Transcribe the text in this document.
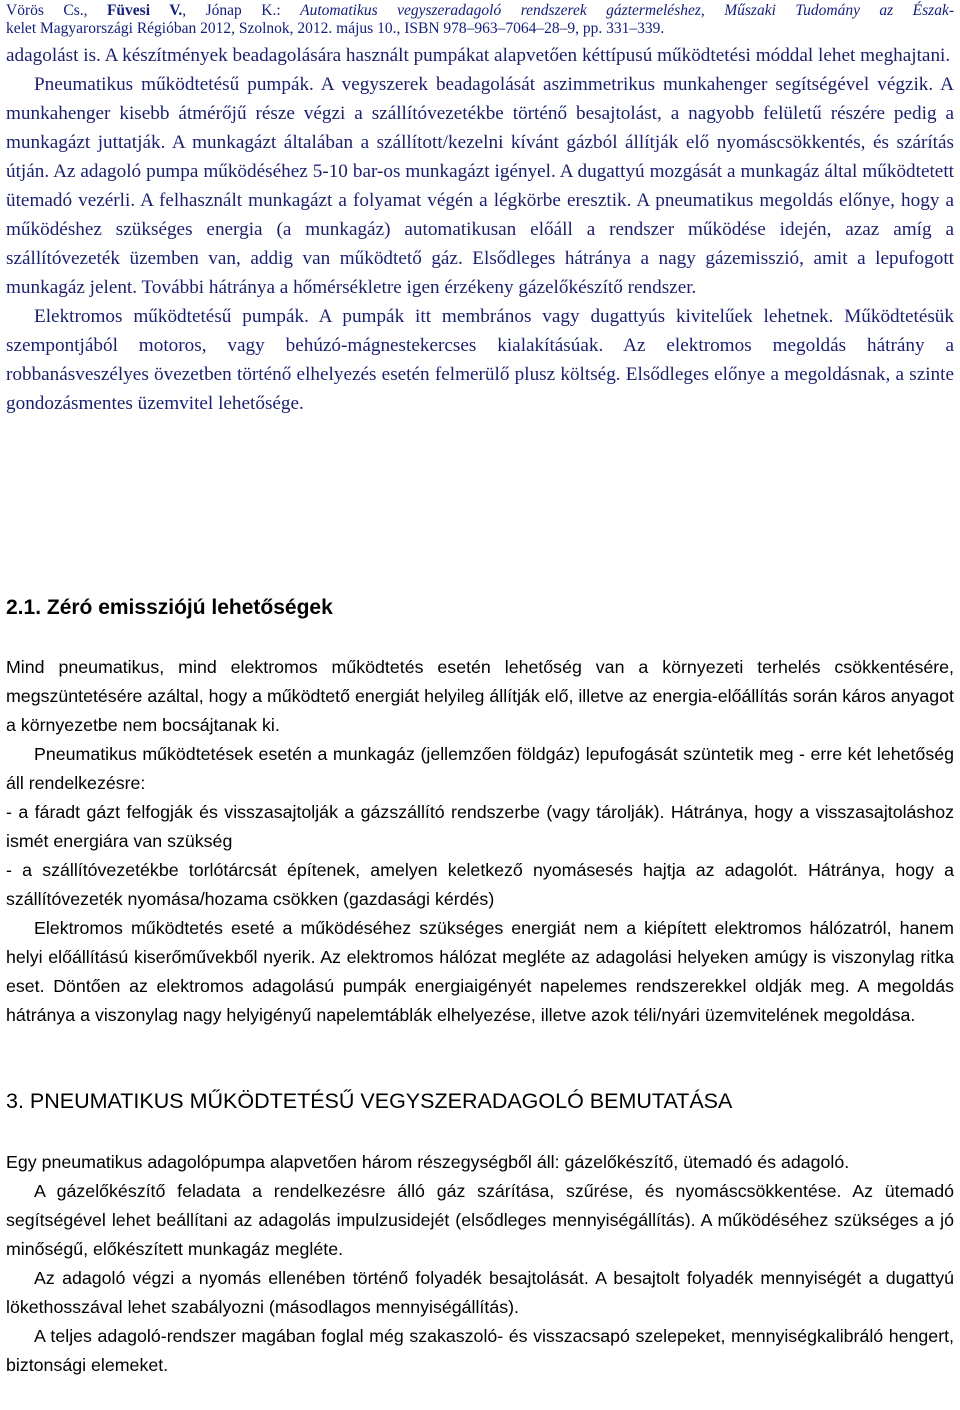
Vörös Cs., Füvesi V., Jónap K.: Automatikus vegyszeradagoló rendszerek gáztermeléshez, Műszaki Tudomány az Észak-
kelet Magyarországi Régióban 2012, Szolnok, 2012. május 10., ISBN 978–963–7064–28–9, pp. 331–339.

adagolást is. A készítmények beadagolására használt pumpákat alapvetően kéttípusú működtetési móddal lehet meghajtani.

Pneumatikus működtetésű pumpák. A vegyszerek beadagolását aszimmetrikus munkahenger segítségével végzik. A munkahenger kisebb átmérőjű része végzi a szállítóvezetékbe történő besajtolást, a nagyobb felületű részére pedig a munkagázt juttatják. A munkagázt általában a szállított/kezelni kívánt gázból állítják elő nyomáscsökkentés, és szárítás útján. Az adagoló pumpa működéséhez 5-10 bar-os munkagázt igényel. A dugattyú mozgását a munkagáz által működtetett ütemadó vezérli. A felhasznált munkagázt a folyamat végén a légkörbe eresztik. A pneumatikus megoldás előnye, hogy a működéshez szükséges energia (a munkagáz) automatikusan előáll a rendszer működése idején, azaz amíg a szállítóvezeték üzemben van, addig van működtető gáz. Elsődleges hátránya a nagy gázemisszió, amit a lepufogott munkagáz jelent. További hátránya a hőmérsékletre igen érzékeny gázelőkészítő rendszer.

Elektromos működtetésű pumpák. A pumpák itt membrános vagy dugattyús kivitelűek lehetnek. Működtetésük szempontjából motoros, vagy behúzó-mágnestekercses kialakításúak. Az elektromos megoldás hátrány a robbanásveszélyes övezetben történő elhelyezés esetén felmerülő plusz költség. Elsődleges előnye a megoldásnak, a szinte gondozásmentes üzemvitel lehetősége.

2.1. Zéró emissziójú lehetőségek

Mind pneumatikus, mind elektromos működtetés esetén lehetőség van a környezeti terhelés csökkentésére, megszüntetésére azáltal, hogy a működtető energiát helyileg állítják elő, illetve az energia-előállítás során káros anyagot a környezetbe nem bocsájtanak ki.

Pneumatikus működtetések esetén a munkagáz (jellemzően földgáz) lepufogását szüntetik meg - erre két lehetőség áll rendelkezésre:

- a fáradt gázt felfogják és visszasajtolják a gázszállító rendszerbe (vagy tárolják). Hátránya, hogy a visszasajtoláshoz ismét energiára van szükség

- a szállítóvezetékbe torlótárcsát építenek, amelyen keletkező nyomásesés hajtja az adagolót. Hátránya, hogy a szállítóvezeték nyomása/hozama csökken (gazdasági kérdés)

Elektromos működtetés eseté a működéséhez szükséges energiát nem a kiépített elektromos hálózatról, hanem helyi előállítású kiserőművekből nyerik. Az elektromos hálózat megléte az adagolási helyeken amúgy is viszonylag ritka eset. Döntően az elektromos adagolású pumpák energiaigényét napelemes rendszerekkel oldják meg. A megoldás hátránya a viszonylag nagy helyigényű napelemtáblák elhelyezése, illetve azok téli/nyári üzemvitelének megoldása.

3. PNEUMATIKUS MŰKÖDTETÉSŰ VEGYSZERADAGOLÓ BEMUTATÁSA

Egy pneumatikus adagolópumpa alapvetően három részegységből áll: gázelőkészítő, ütemadó és adagoló.

A gázelőkészítő feladata a rendelkezésre álló gáz szárítása, szűrése, és nyomáscsökkentése. Az ütemadó segítségével lehet beállítani az adagolás impulzusidejét (elsődleges mennyiségállítás). A működéséhez szükséges a jó minőségű, előkészített munkagáz megléte.

Az adagoló végzi a nyomás ellenében történő folyadék besajtolását. A besajtolt folyadék mennyiségét a dugattyú lökethosszával lehet szabályozni (másodlagos mennyiségállítás).

A teljes adagoló-rendszer magában foglal még szakaszoló- és visszacsapó szelepeket, mennyiségkalibráló hengert, biztonsági elemeket.
